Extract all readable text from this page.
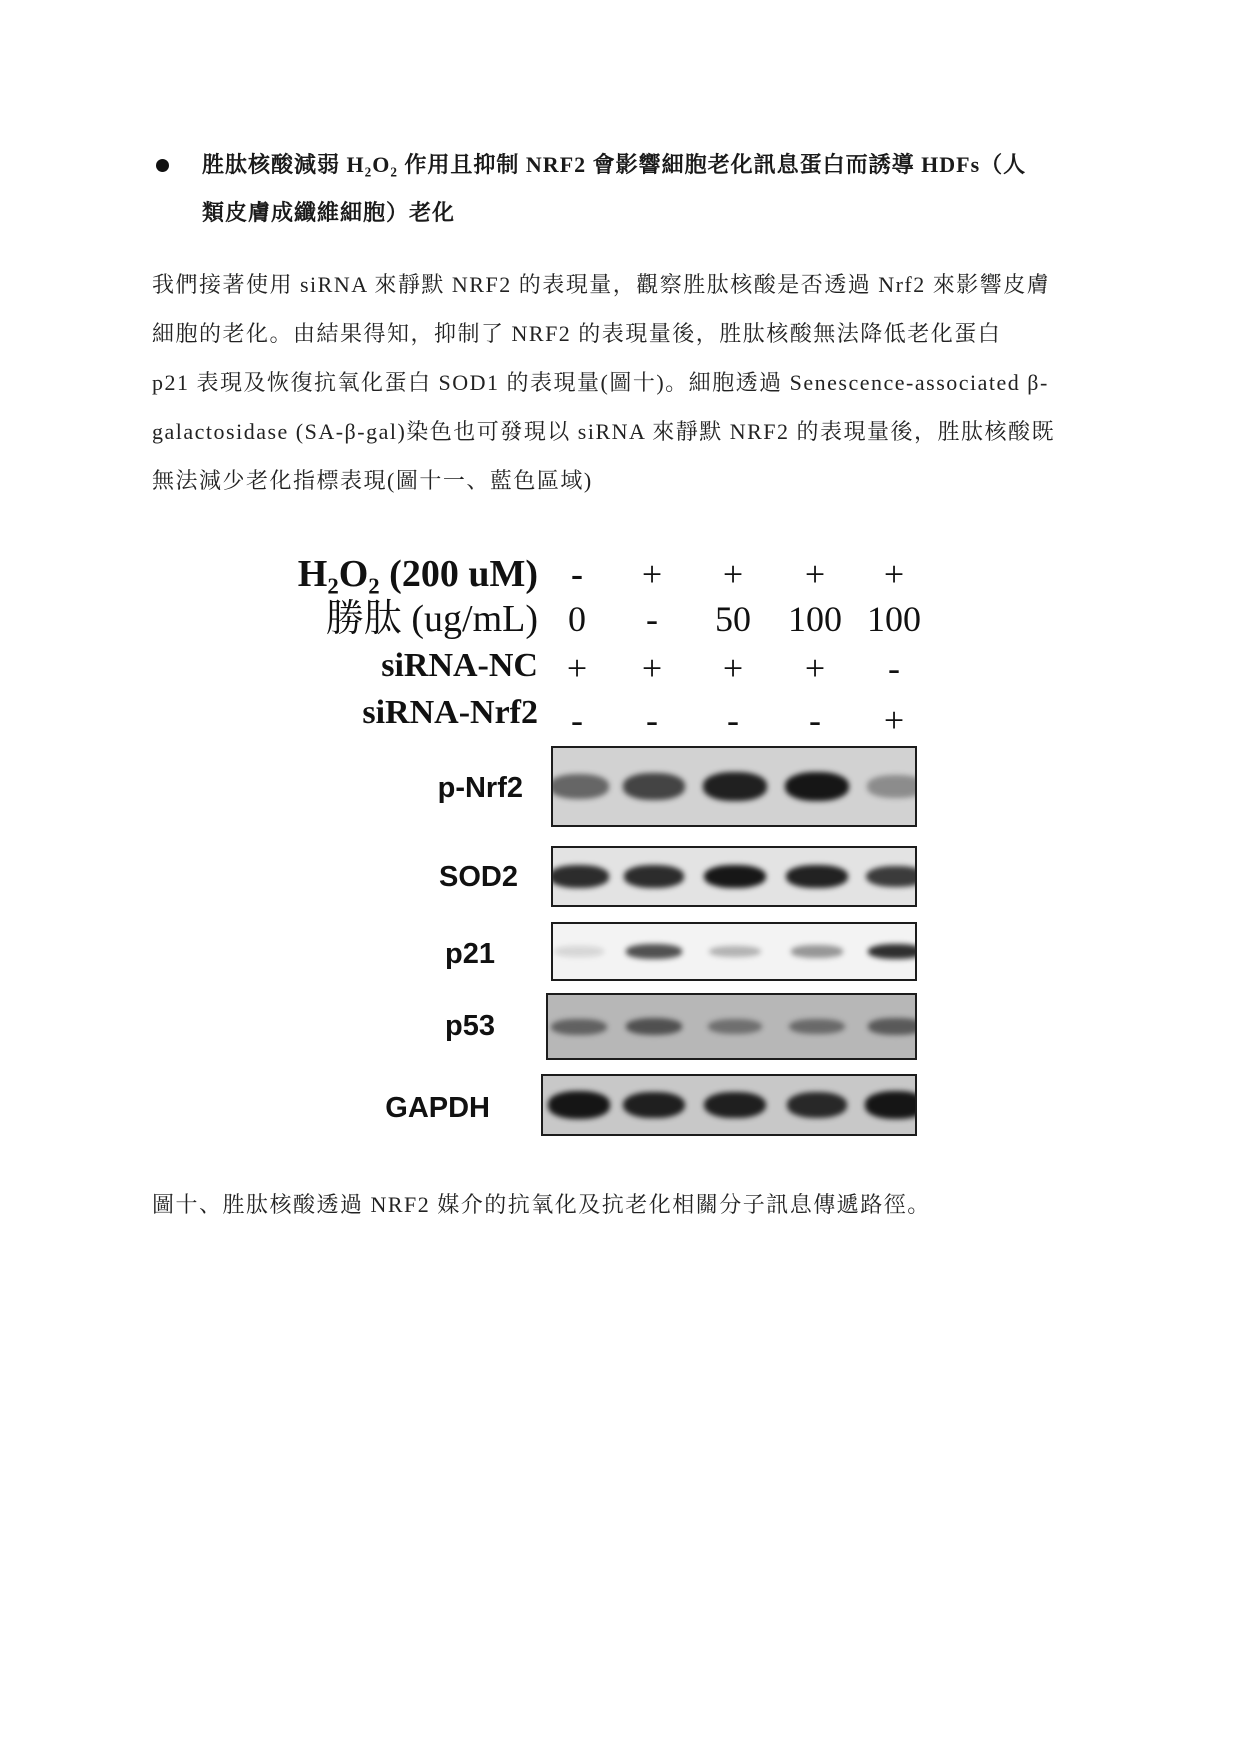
胜肽核酸減弱 H₂O₂ 作用且抑制 NRF2 會影響細胞老化訊息蛋白而誘導 HDFs（人
類皮膚成纖維細胞）老化
我們接著使用 siRNA 來靜默 NRF2 的表現量，觀察胜肽核酸是否透過 Nrf2 來影響皮膚
細胞的老化。由結果得知，抑制了 NRF2 的表現量後，胜肽核酸無法降低老化蛋白
p21 表現及恢復抗氧化蛋白 SOD1 的表現量(圖十)。細胞透過 Senescence-associated β-
galactosidase (SA-β-gal)染色也可發現以 siRNA 來靜默 NRF2 的表現量後，胜肽核酸既
無法減少老化指標表現(圖十一、藍色區域)
H₂O₂ (200 uM) -	+	+	+	+
勝肽 (ug/mL) 0	-	50	100 100
siRNA-NC +	+	+	+	-
siRNA-Nrf2 -	-	-	-	+
p-Nrf2
SOD2
p21
p53
GAPDH
圖十、胜肽核酸透過 NRF2 媒介的抗氧化及抗老化相關分子訊息傳遞路徑。
